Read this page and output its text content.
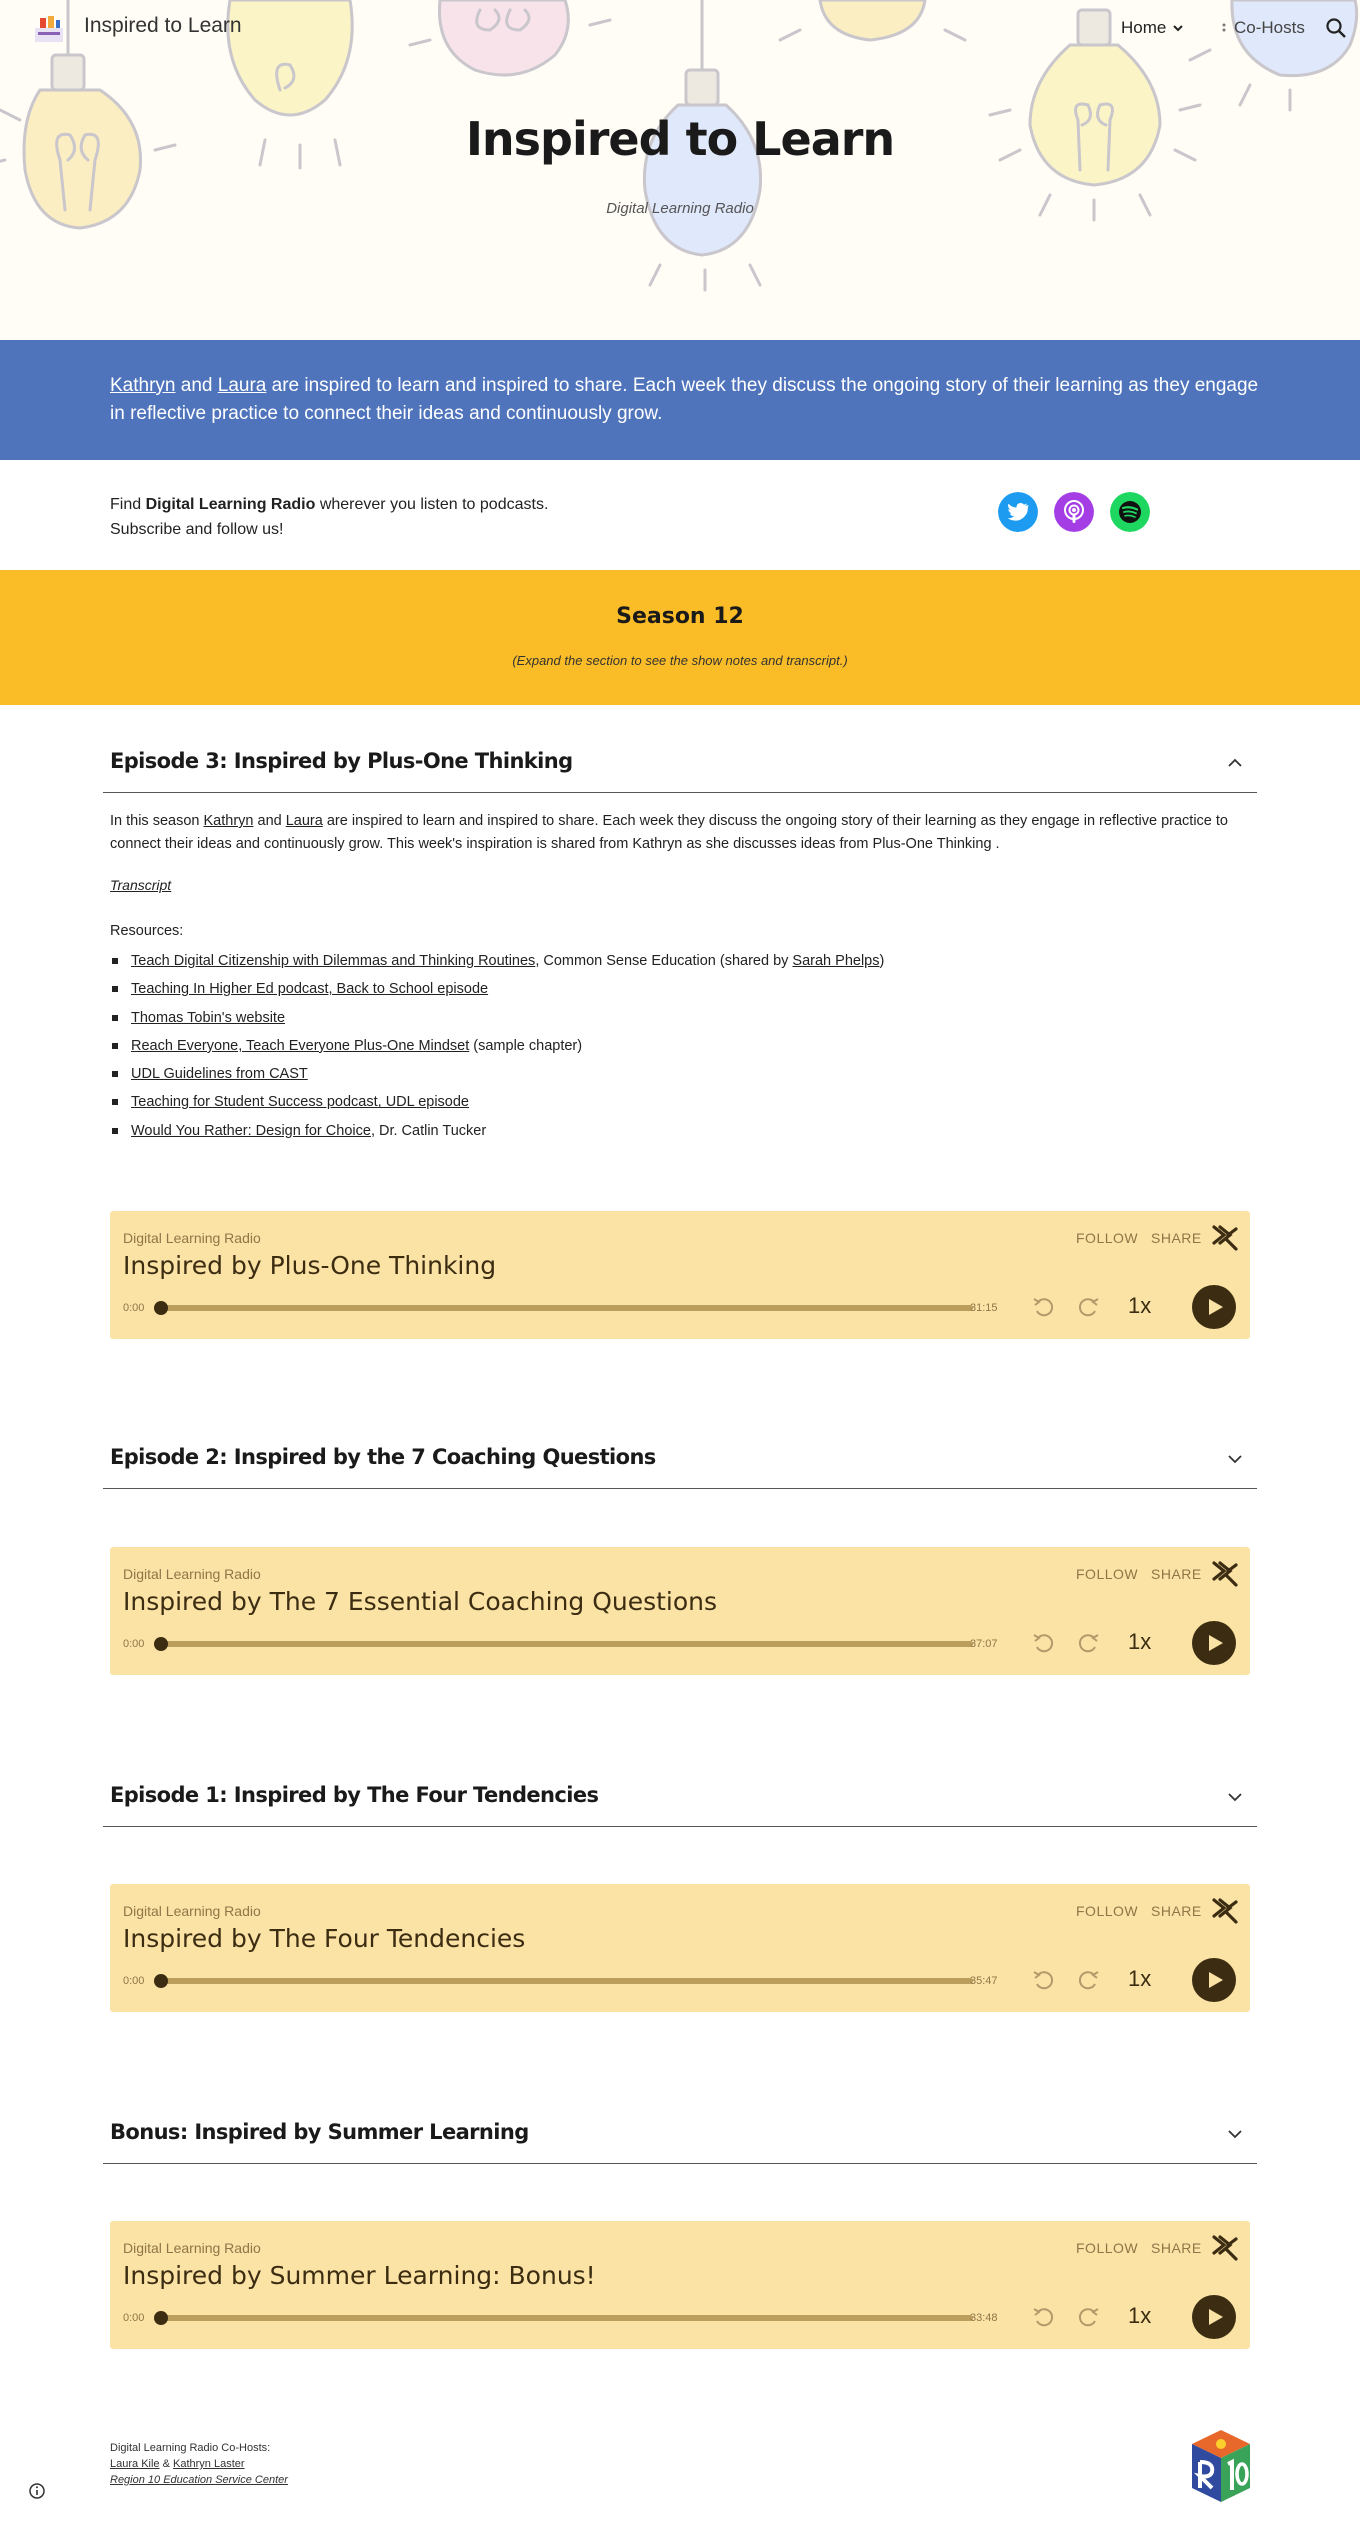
Inspired to Learn	Home	Co-Hosts
Inspired to Learn
Digital Learning Radio

Kathryn and Laura are inspired to learn and inspired to share. Each week they discuss the ongoing story of their learning as they engage in reflective practice to connect their ideas and continuously grow.

Find Digital Learning Radio wherever you listen to podcasts.
Subscribe and follow us!

Season 12

(Expand the section to see the show notes and transcript.)

Episode 3: Inspired by Plus-One Thinking

In this season Kathryn and Laura are inspired to learn and inspired to share. Each week they discuss the ongoing story of their learning as they engage in reflective practice to connect their ideas and continuously grow. This week's inspiration is shared from Kathryn as she discusses ideas from Plus-One Thinking .

Transcript
Resources:
Teach Digital Citizenship with Dilemmas and Thinking Routines, Common Sense Education (shared by Sarah Phelps)
Teaching In Higher Ed podcast, Back to School episode
Thomas Tobin's website
Reach Everyone, Teach Everyone Plus-One Mindset (sample chapter)
UDL Guidelines from CAST
Teaching for Student Success podcast, UDL episode
Would You Rather: Design for Choice, Dr. Catlin Tucker
Digital Learning Radio
Inspired by Plus-One Thinking
FOLLOW SHARE
0:00	31:15	1x
Episode 2: Inspired by the 7 Coaching Questions
Digital Learning Radio
Inspired by The 7 Essential Coaching Questions
FOLLOW SHARE
0:00	37:07	1x
Episode 1: Inspired by The Four Tendencies
Digital Learning Radio
Inspired by The Four Tendencies
FOLLOW SHARE
0:00	35:47	1x
Bonus: Inspired by Summer Learning
Digital Learning Radio
Inspired by Summer Learning: Bonus!
FOLLOW SHARE
0:00	33:48	1x
Digital Learning Radio Co-Hosts:
Laura Kile & Kathryn Laster
Region 10 Education Service Center
